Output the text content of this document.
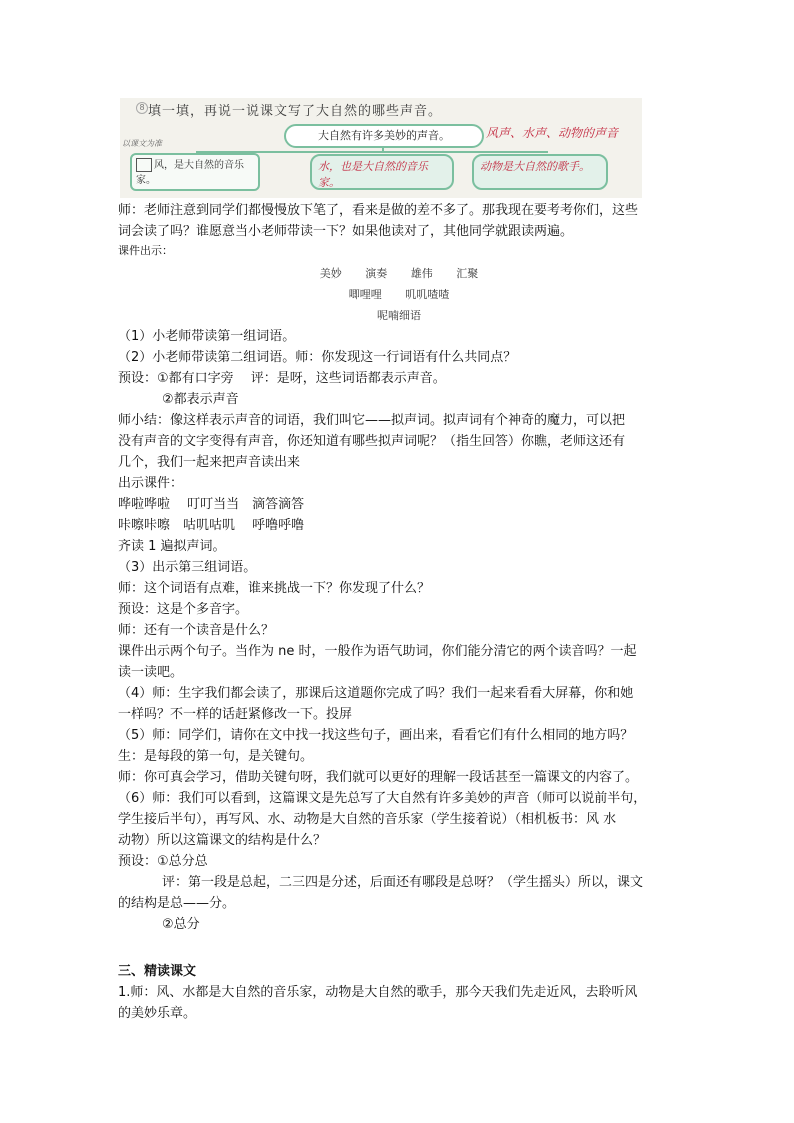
8 填一填，再说一说课文写了大自然的哪些声音。
大自然有许多美妙的声音。	风声、水声、动物的声音
以课文为准
风，是大自然的音乐家。
水，也是大自然的音乐家。
动物是大自然的歌手。

师：老师注意到同学们都慢慢放下笔了，看来是做的差不多了。那我现在要考考你们，这些

词会读了吗？谁愿意当小老师带读一下？如果他读对了，其他同学就跟读两遍。

课件出示：

美妙 演奏 雄伟 汇聚
唧哩哩 叽叽喳喳
呢喃细语

（1）小老师带读第一组词语。

（2）小老师带读第二组词语。师：你发现这一行词语有什么共同点？

预设：①都有口字旁　 评：是呀，这些词语都表示声音。

②都表示声音

师小结：像这样表示声音的词语，我们叫它——拟声词。拟声词有个神奇的魔力，可以把

没有声音的文字变得有声音，你还知道有哪些拟声词呢？（指生回答）你瞧，老师这还有

几个，我们一起来把声音读出来

出示课件：

哗啦哗啦　 叮叮当当　滴答滴答

咔嚓咔嚓　咕叽咕叽　 呼噜呼噜

齐读 1 遍拟声词。

（3）出示第三组词语。

师：这个词语有点难，谁来挑战一下？你发现了什么？

预设：这是个多音字。

师：还有一个读音是什么？

课件出示两个句子。当作为 ne 时，一般作为语气助词，你们能分清它的两个读音吗？一起

读一读吧。

（4）师：生字我们都会读了，那课后这道题你完成了吗？我们一起来看看大屏幕，你和她

一样吗？不一样的话赶紧修改一下。投屏

（5）师：同学们，请你在文中找一找这些句子，画出来，看看它们有什么相同的地方吗？

生：是每段的第一句，是关键句。

师：你可真会学习，借助关键句呀，我们就可以更好的理解一段话甚至一篇课文的内容了。

（6）师：我们可以看到，这篇课文是先总写了大自然有许多美妙的声音（师可以说前半句，

学生接后半句），再写风、水、动物是大自然的音乐家（学生接着说）（相机板书：风 水

动物）所以这篇课文的结构是什么？

预设：①总分总

评：第一段是总起，二三四是分述，后面还有哪段是总呀？（学生摇头）所以，课文

的结构是总——分。

②总分

三、精读课文

1.师：风、水都是大自然的音乐家，动物是大自然的歌手，那今天我们先走近风，去聆听风

的美妙乐章。
